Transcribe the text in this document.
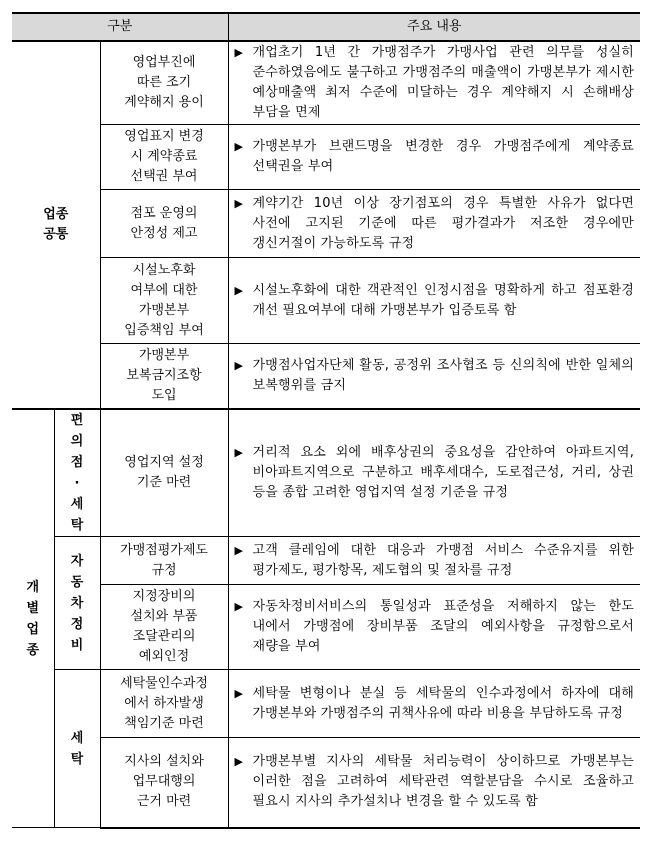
구분			주요 내용
업종
공통		영업부진에
따른 조기
계약해지 용이	▶ 개업초기 1년 간 가맹점주가 가맹사업 관련 의무를 성실히 준수하였음에도 불구하고 가맹점주의 매출액이 가맹본부가 제시한 예상매출액 최저 수준에 미달하는 경우 계약해지 시 손해배상 부담을 면제

		영업표지 변경
시 계약종료
선택권 부여	▶ 가맹본부가 브랜드명을 변경한 경우 가맹점주에게 계약종료 선택권을 부여

		점포 운영의
안정성 제고	▶ 계약기간 10년 이상 장기점포의 경우 특별한 사유가 없다면 사전에 고지된 기준에 따른 평가결과가 저조한 경우에만 갱신거절이 가능하도록 규정

		시설노후화
여부에 대한
가맹본부
입증책임 부여	▶ 시설노후화에 대한 객관적인 인정시점을 명확하게 하고 점포환경 개선 필요여부에 대해 가맹본부가 입증토록 함

		가맹본부
보복금지조항
도입	▶ 가맹점사업자단체 활동, 공정위 조사협조 등 신의칙에 반한 일체의 보복행위를 금지

개별업종	편의점·세탁	영업지역 설정
기준 마련	▶ 거리적 요소 외에 배후상권의 중요성을 감안하여 아파트지역, 비아파트지역으로 구분하고 배후세대수, 도로접근성, 거리, 상권 등을 종합 고려한 영업지역 설정 기준을 규정

	자동차정비	가맹점평가제도
규정	▶ 고객 클레임에 대한 대응과 가맹점 서비스 수준유지를 위한 평가제도, 평가항목, 제도협의 및 절차를 규정

		지정장비의
설치와 부품
조달관리의
예외인정	▶ 자동차정비서비스의 통일성과 표준성을 저해하지 않는 한도 내에서 가맹점에 장비부품 조달의 예외사항을 규정함으로서 재량을 부여

	세탁	세탁물인수과정
에서 하자발생
책임기준 마련	▶ 세탁물 변형이나 분실 등 세탁물의 인수과정에서 하자에 대해 가맹본부와 가맹점주의 귀책사유에 따라 비용을 부담하도록 규정

		지사의 설치와
업무대행의
근거 마련	▶ 가맹본부별 지사의 세탁물 처리능력이 상이하므로 가맹본부는 이러한 점을 고려하여 세탁관련 역할분담을 수시로 조율하고 필요시 지사의 추가설치나 변경을 할 수 있도록 함
